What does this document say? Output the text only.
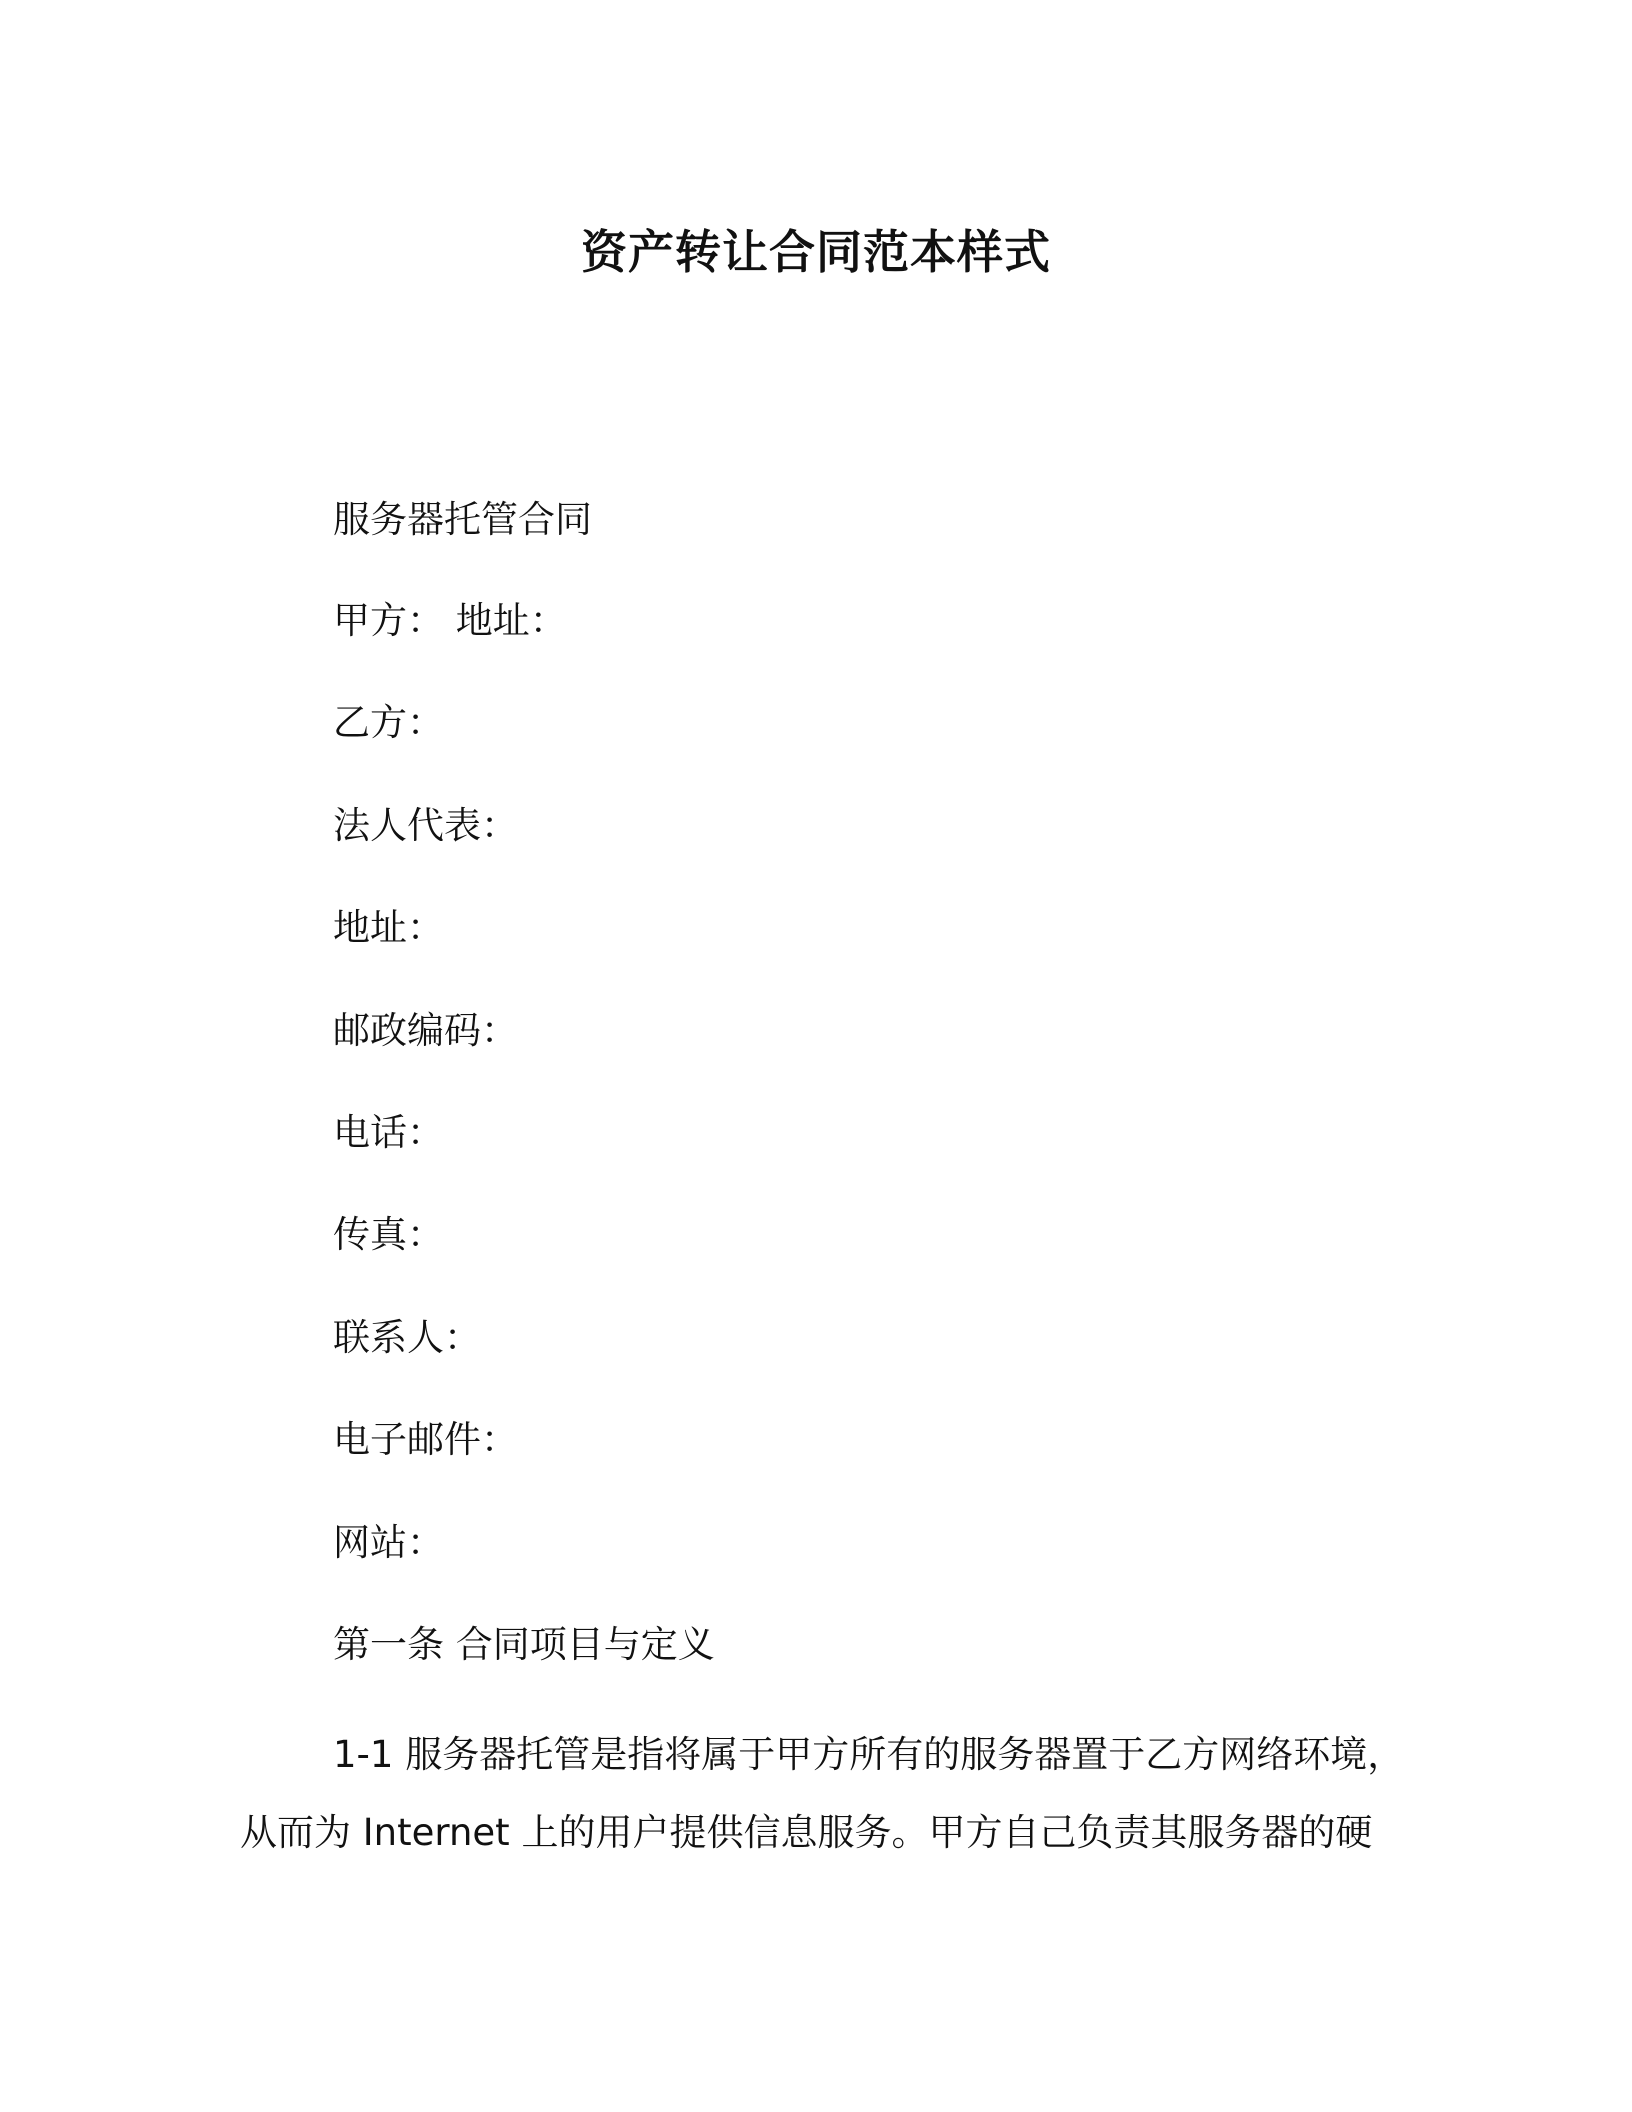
资产转让合同范本样式
服务器托管合同
甲方： 地址：
乙方：
法人代表：
地址：
邮政编码：
电话：
传真：
联系人：
电子邮件：
网站：
第一条 合同项目与定义
1-1 服务器托管是指将属于甲方所有的服务器置于乙方网络环境，
从而为 Internet 上的用户提供信息服务。甲方自己负责其服务器的硬
